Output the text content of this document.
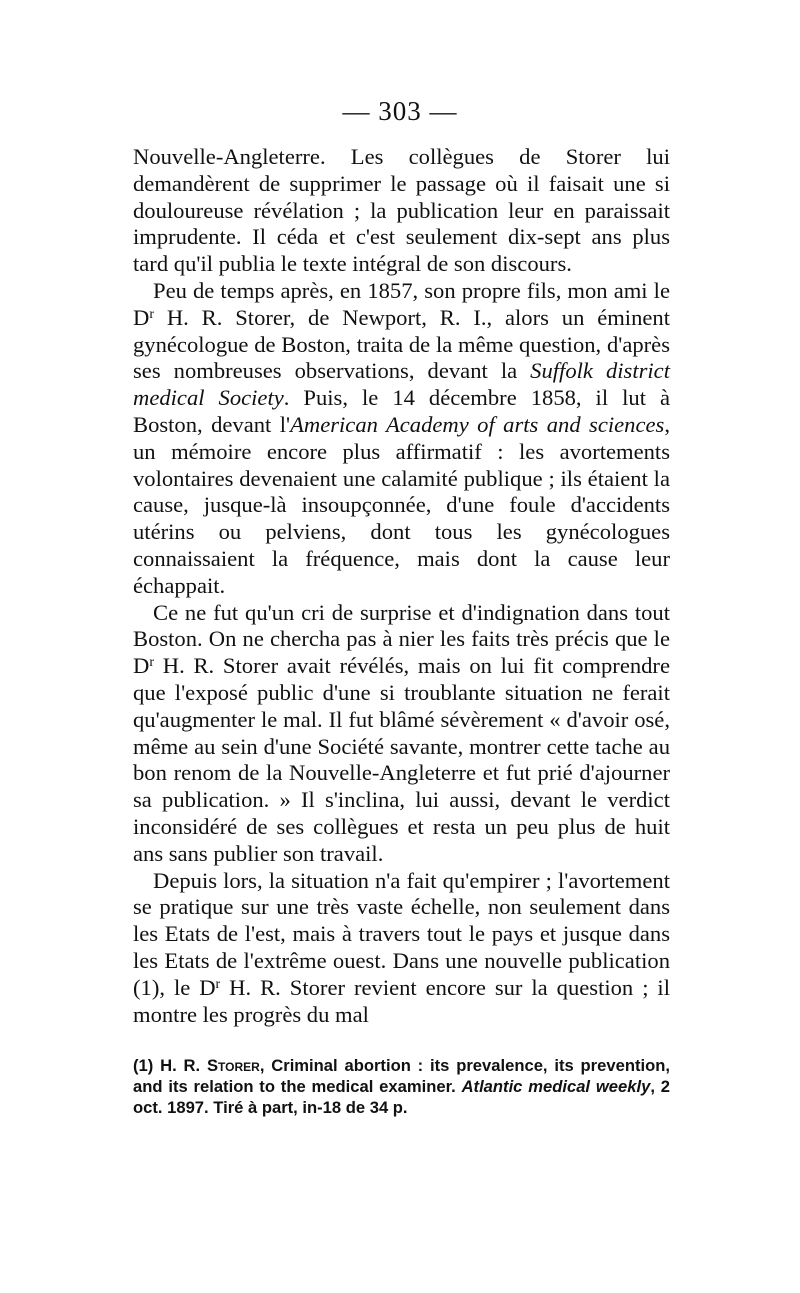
— 303 —

Nouvelle-Angleterre. Les collègues de Storer lui demandèrent de supprimer le passage où il faisait une si douloureuse révélation ; la publication leur en paraissait imprudente. Il céda et c'est seulement dix-sept ans plus tard qu'il publia le texte intégral de son discours.

Peu de temps après, en 1857, son propre fils, mon ami le $D^r$ H. R. Storer, de Newport, R. I., alors un éminent gynécologue de Boston, traita de la même question, d'après ses nombreuses observations, devant la Suffolk district medical Society. Puis, le 14 décembre 1858, il lut à Boston, devant l'American Academy of arts and sciences, un mémoire encore plus affirmatif : les avortements volontaires devenaient une calamité publique ; ils étaient la cause, jusque-là insoupçonnée, d'une foule d'accidents utérins ou pelviens, dont tous les gynécologues connaissaient la fréquence, mais dont la cause leur échappait.

Ce ne fut qu'un cri de surprise et d'indignation dans tout Boston. On ne chercha pas à nier les faits très précis que le $D^r$ H. R. Storer avait révélés, mais on lui fit comprendre que l'exposé public d'une si troublante situation ne ferait qu'augmenter le mal. Il fut blâmé sévèrement « d'avoir osé, même au sein d'une Société savante, montrer cette tache au bon renom de la Nouvelle-Angleterre et fut prié d'ajourner sa publication. » Il s'inclina, lui aussi, devant le verdict inconsidéré de ses collègues et resta un peu plus de huit ans sans publier son travail.

Depuis lors, la situation n'a fait qu'empirer ; l'avortement se pratique sur une très vaste échelle, non seulement dans les Etats de l'est, mais à travers tout le pays et jusque dans les Etats de l'extrême ouest. Dans une nouvelle publication (1), le $D^r$ H. R. Storer revient encore sur la question ; il montre les progrès du mal

(1) H. R. Storer, Criminal abortion : its prevalence, its prevention, and its relation to the medical examiner. Atlantic medical weekly, 2 oct. 1897. Tiré à part, in-18 de 34 p.
